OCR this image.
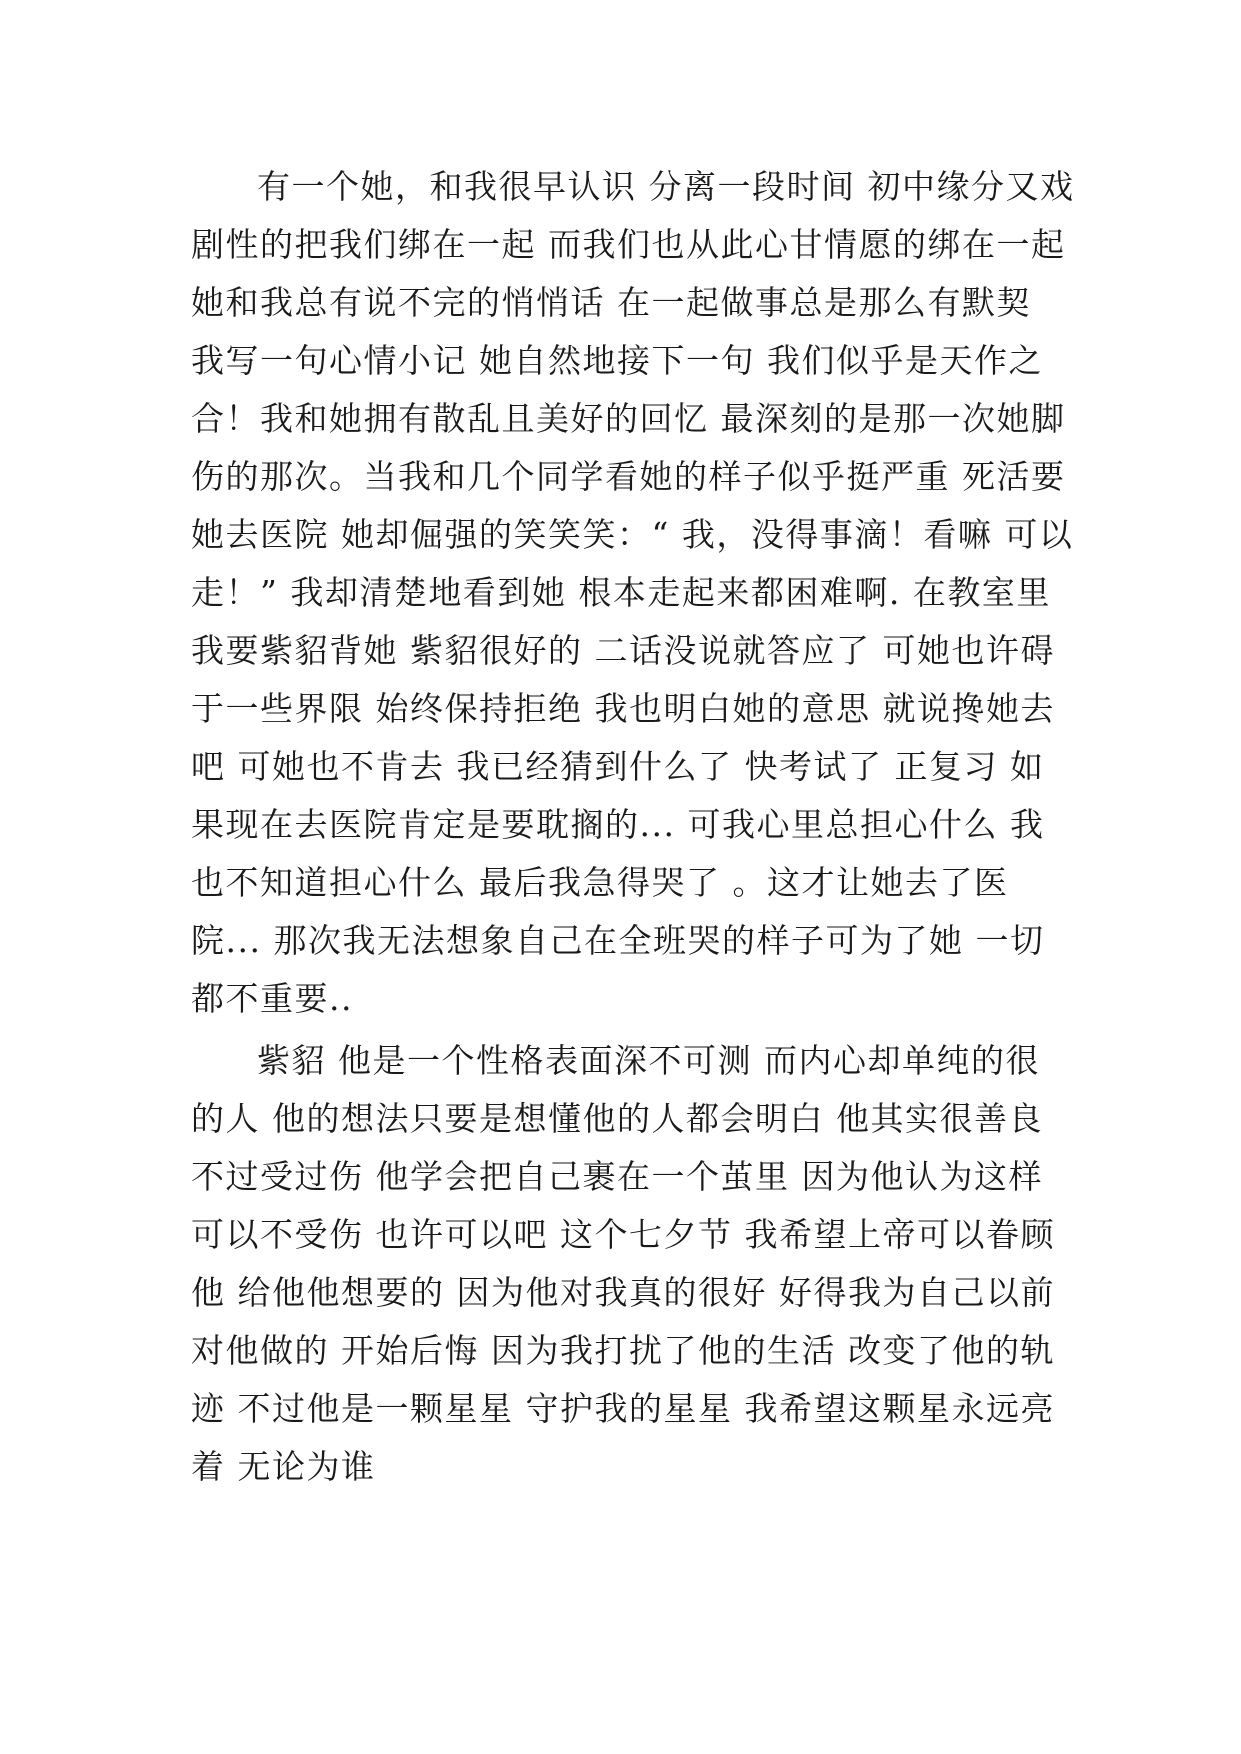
有一个她，和我很早认识 分离一段时间 初中缘分又戏
剧性的把我们绑在一起 而我们也从此心甘情愿的绑在一起
她和我总有说不完的悄悄话 在一起做事总是那么有默契
我写一句心情小记 她自然地接下一句 我们似乎是天作之
合！我和她拥有散乱且美好的回忆 最深刻的是那一次她脚
伤的那次。当我和几个同学看她的样子似乎挺严重 死活要
她去医院 她却倔强的笑笑笑：“ 我，没得事滴！看嘛 可以
走！” 我却清楚地看到她 根本走起来都困难啊. 在教室里
我要紫貂背她 紫貂很好的 二话没说就答应了 可她也许碍
于一些界限 始终保持拒绝 我也明白她的意思 就说搀她去
吧 可她也不肯去 我已经猜到什么了 快考试了 正复习 如
果现在去医院肯定是要耽搁的... 可我心里总担心什么 我
也不知道担心什么 最后我急得哭了 。这才让她去了医
院... 那次我无法想象自己在全班哭的样子可为了她 一切
都不重要..
紫貂 他是一个性格表面深不可测 而内心却单纯的很
的人 他的想法只要是想懂他的人都会明白 他其实很善良
不过受过伤 他学会把自己裹在一个茧里 因为他认为这样
可以不受伤 也许可以吧 这个七夕节 我希望上帝可以眷顾
他 给他他想要的 因为他对我真的很好 好得我为自己以前
对他做的 开始后悔 因为我打扰了他的生活 改变了他的轨
迹 不过他是一颗星星 守护我的星星 我希望这颗星永远亮
着 无论为谁
